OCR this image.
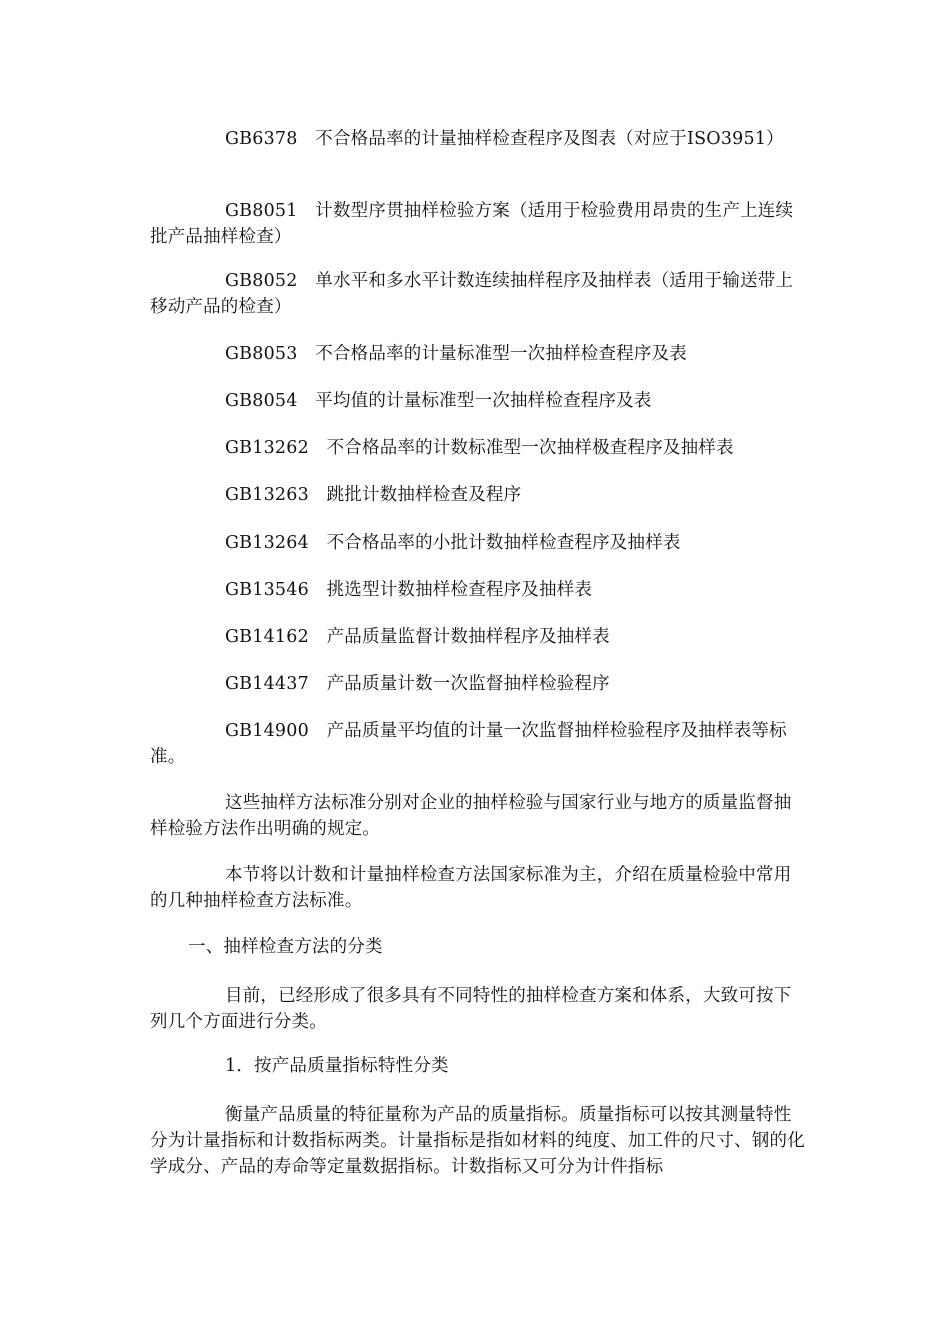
GB6378　不合格品率的计量抽样检查程序及图表（对应于ISO3951）

GB8051　计数型序贯抽样检验方案（适用于检验费用昂贵的生产上连续批产品抽样检查）

GB8052　单水平和多水平计数连续抽样程序及抽样表（适用于输送带上移动产品的检查）

GB8053　不合格品率的计量标准型一次抽样检查程序及表

GB8054　平均值的计量标准型一次抽样检查程序及表

GB13262　不合格品率的计数标准型一次抽样极查程序及抽样表

GB13263　跳批计数抽样检查及程序

GB13264　不合格品率的小批计数抽样检查程序及抽样表

GB13546　挑选型计数抽样检查程序及抽样表

GB14162　产品质量监督计数抽样程序及抽样表

GB14437　产品质量计数一次监督抽样检验程序

GB14900　产品质量平均值的计量一次监督抽样检验程序及抽样表等标准。

这些抽样方法标准分别对企业的抽样检验与国家行业与地方的质量监督抽样检验方法作出明确的规定。

本节将以计数和计量抽样检查方法国家标准为主，介绍在质量检验中常用的几种抽样检查方法标准。

一、抽样检查方法的分类

目前，已经形成了很多具有不同特性的抽样检查方案和体系，大致可按下列几个方面进行分类。

1．按产品质量指标特性分类

衡量产品质量的特征量称为产品的质量指标。质量指标可以按其测量特性分为计量指标和计数指标两类。计量指标是指如材料的纯度、加工件的尺寸、钢的化学成分、产品的寿命等定量数据指标。计数指标又可分为计件指标
